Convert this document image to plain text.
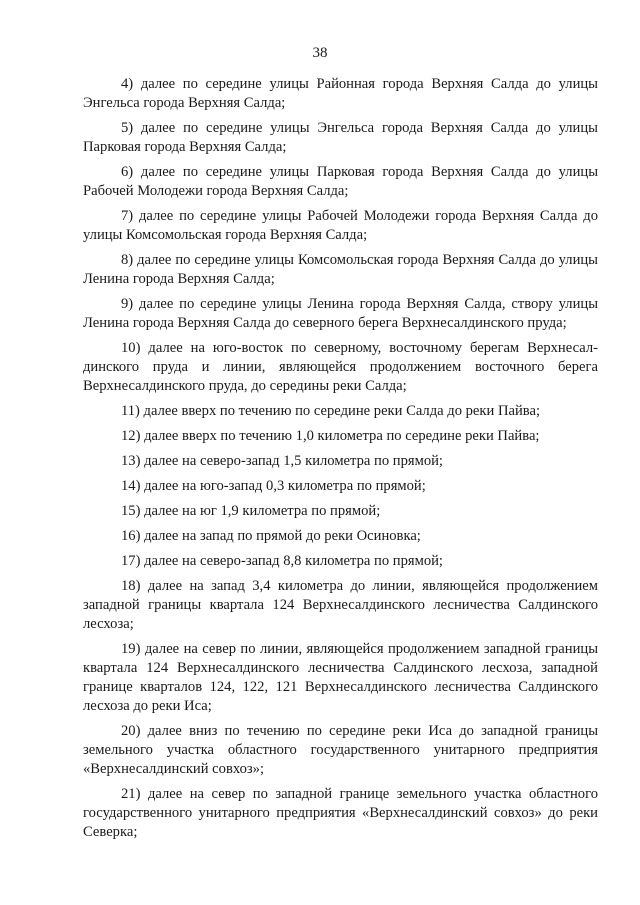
38

4) далее по середине улицы Районная города Верхняя Салда до улицы Энгельса города Верхняя Салда;

5) далее по середине улицы Энгельса города Верхняя Салда до улицы Парковая города Верхняя Салда;

6) далее по середине улицы Парковая города Верхняя Салда до улицы Рабочей Молодежи города Верхняя Салда;

7) далее по середине улицы Рабочей Молодежи города Верхняя Салда до улицы Комсомольская города Верхняя Салда;

8) далее по середине улицы Комсомольская города Верхняя Салда до улицы Ленина города Верхняя Салда;

9) далее по середине улицы Ленина города Верхняя Салда, створу улицы Ленина города Верхняя Салда до северного берега Верхнесалдинского пруда;

10) далее на юго-восток по северному, восточному берегам Верхнесалдинского пруда и линии, являющейся продолжением восточного берега Верхнесалдинского пруда, до середины реки Салда;

11) далее вверх по течению по середине реки Салда до реки Пайва;

12) далее вверх по течению 1,0 километра по середине реки Пайва;

13) далее на северо-запад 1,5 километра по прямой;

14) далее на юго-запад 0,3 километра по прямой;

15) далее на юг 1,9 километра по прямой;

16) далее на запад по прямой до реки Осиновка;

17) далее на северо-запад 8,8 километра по прямой;

18) далее на запад 3,4 километра до линии, являющейся продолжением западной границы квартала 124 Верхнесалдинского лесничества Салдинского лесхоза;

19) далее на север по линии, являющейся продолжением западной границы квартала 124 Верхнесалдинского лесничества Салдинского лесхоза, западной границе кварталов 124, 122, 121 Верхнесалдинского лесничества Салдинского лесхоза до реки Иса;

20) далее вниз по течению по середине реки Иса до западной границы земельного участка областного государственного унитарного предприятия «Верхнесалдинский совхоз»;

21) далее на север по западной границе земельного участка областного государственного унитарного предприятия «Верхнесалдинский совхоз» до реки Северка;
